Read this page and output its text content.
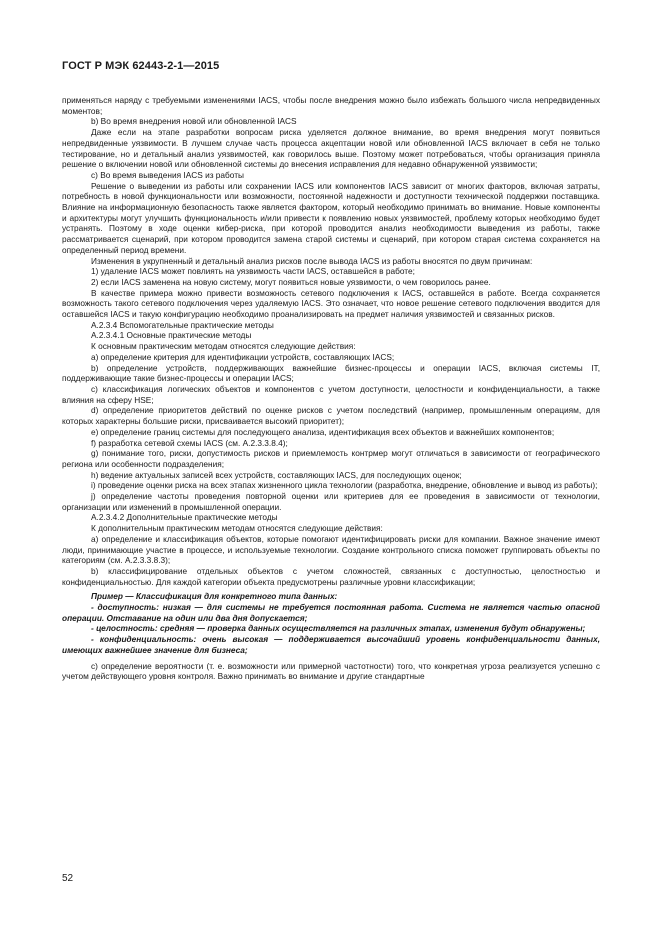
ГОСТ Р МЭК 62443-2-1—2015

применяться наряду с требуемыми изменениями IACS, чтобы после внедрения можно было избежать большого числа непредвиденных моментов;

b) Во время внедрения новой или обновленной IACS

Даже если на этапе разработки вопросам риска уделяется должное внимание, во время внедрения могут появиться непредвиденные уязвимости. В лучшем случае часть процесса акцептации новой или обновленной IACS включает в себя не только тестирование, но и детальный анализ уязвимостей, как говорилось выше. Поэтому может потребоваться, чтобы организация приняла решение о включении новой или обновленной системы до внесения исправления для недавно обнаруженной уязвимости;

c) Во время выведения IACS из работы

Решение о выведении из работы или сохранении IACS или компонентов IACS зависит от многих факторов, включая затраты, потребность в новой функциональности или возможности, постоянной надежности и доступности технической поддержки поставщика. Влияние на информационную безопасность также является фактором, который необходимо принимать во внимание. Новые компоненты и архитектуры могут улучшить функциональность и/или привести к появлению новых уязвимостей, проблему которых необходимо будет устранять. Поэтому в ходе оценки кибер-риска, при которой проводится анализ необходимости выведения из работы, также рассматривается сценарий, при котором проводится замена старой системы и сценарий, при котором старая система сохраняется на определенный период времени.

Изменения в укрупненный и детальный анализ рисков после вывода IACS из работы вносятся по двум причинам:

1) удаление IACS может повлиять на уязвимость части IACS, оставшейся в работе;

2) если IACS заменена на новую систему, могут появиться новые уязвимости, о чем говорилось ранее.

В качестве примера можно привести возможность сетевого подключения к IACS, оставшейся в работе. Всегда сохраняется возможность такого сетевого подключения через удаляемую IACS. Это означает, что новое решение сетевого подключения вводится для оставшейся IACS и такую конфигурацию необходимо проанализировать на предмет наличия уязвимостей и связанных рисков.

A.2.3.4 Вспомогательные практические методы

A.2.3.4.1 Основные практические методы

К основным практическим методам относятся следующие действия:

a) определение критерия для идентификации устройств, составляющих IACS;

b) определение устройств, поддерживающих важнейшие бизнес-процессы и операции IACS, включая системы IT, поддерживающие такие бизнес-процессы и операции IACS;

c) классификация логических объектов и компонентов с учетом доступности, целостности и конфиденциальности, а также влияния на сферу HSE;

d) определение приоритетов действий по оценке рисков с учетом последствий (например, промышленным операциям, для которых характерны большие риски, присваивается высокий приоритет);

e) определение границ системы для последующего анализа, идентификация всех объектов и важнейших компонентов;

f) разработка сетевой схемы IACS (см. A.2.3.3.8.4);

g) понимание того, риски, допустимость рисков и приемлемость контрмер могут отличаться в зависимости от географического региона или особенности подразделения;

h) ведение актуальных записей всех устройств, составляющих IACS, для последующих оценок;

i) проведение оценки риска на всех этапах жизненного цикла технологии (разработка, внедрение, обновление и вывод из работы);

j) определение частоты проведения повторной оценки или критериев для ее проведения в зависимости от технологии, организации или изменений в промышленной операции.

A.2.3.4.2 Дополнительные практические методы

К дополнительным практическим методам относятся следующие действия:

a) определение и классификация объектов, которые помогают идентифицировать риски для компании. Важное значение имеют люди, принимающие участие в процессе, и используемые технологии. Создание контрольного списка поможет группировать объекты по категориям (см. A.2.3.3.8.3);

b) классифицирование отдельных объектов с учетом сложностей, связанных с доступностью, целостностью и конфиденциальностью. Для каждой категории объекта предусмотрены различные уровни классификации;

Пример — Классификация для конкретного типа данных:

- доступность: низкая — для системы не требуется постоянная работа. Система не является частью опасной операции. Отставание на один или два дня допускается;

- целостность: средняя — проверка данных осуществляется на различных этапах, изменения будут обнаружены;

- конфиденциальность: очень высокая — поддерживается высочайший уровень конфиденциальности данных, имеющих важнейшее значение для бизнеса;

c) определение вероятности (т. е. возможности или примерной частотности) того, что конкретная угроза реализуется успешно с учетом действующего уровня контроля. Важно принимать во внимание и другие стандартные

52
